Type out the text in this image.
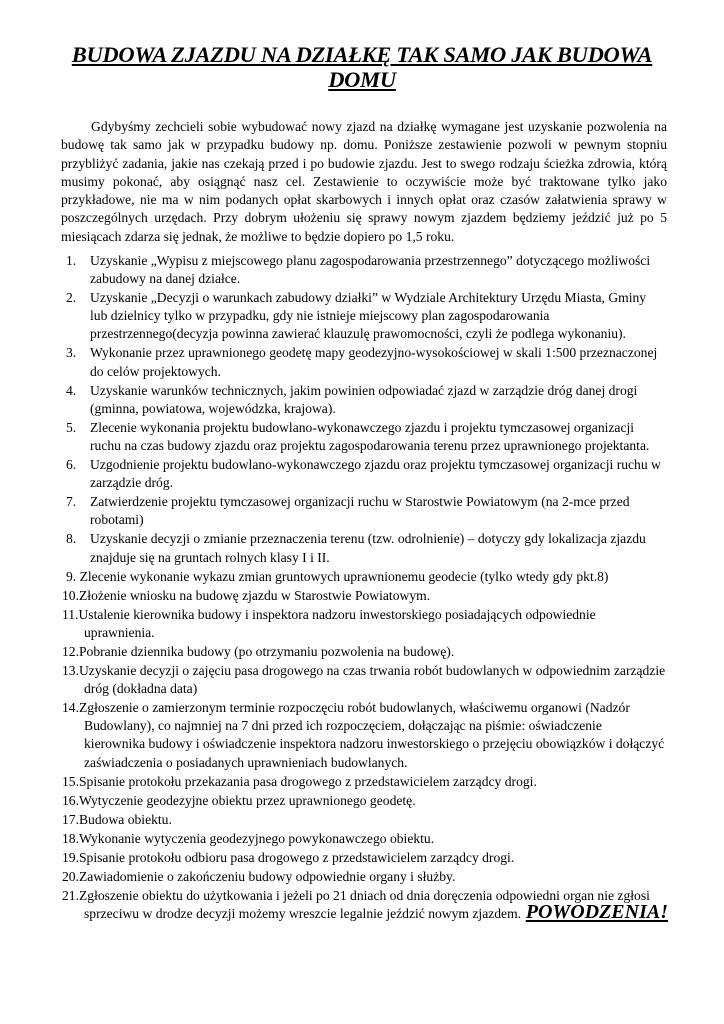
BUDOWA ZJAZDU NA DZIAŁKĘ TAK SAMO JAK BUDOWA DOMU

Gdybyśmy zechcieli sobie wybudować nowy zjazd na działkę wymagane jest uzyskanie pozwolenia na budowę tak samo jak w przypadku budowy np. domu. Poniższe zestawienie pozwoli w pewnym stopniu przybliżyć zadania, jakie nas czekają przed i po budowie zjazdu. Jest to swego rodzaju ścieżka zdrowia, którą musimy pokonać, aby osiągnąć nasz cel. Zestawienie to oczywiście może być traktowane tylko jako przykładowe, nie ma w nim podanych opłat skarbowych i innych opłat oraz czasów załatwienia sprawy w poszczególnych urzędach. Przy dobrym ułożeniu się sprawy nowym zjazdem będziemy jeździć już po 5 miesiącach zdarza się jednak, że możliwe to będzie dopiero po 1,5 roku.

1. Uzyskanie „Wypisu z miejscowego planu zagospodarowania przestrzennego” dotyczącego możliwości zabudowy na danej działce.
2. Uzyskanie „Decyzji o warunkach zabudowy działki” w Wydziale Architektury Urzędu Miasta, Gminy lub dzielnicy tylko w przypadku, gdy nie istnieje miejscowy plan zagospodarowania przestrzennego(decyzja powinna zawierać klauzulę prawomocności, czyli że podlega wykonaniu).
3. Wykonanie przez uprawnionego geodetę mapy geodezyjno-wysokościowej w skali 1:500 przeznaczonej do celów projektowych.
4. Uzyskanie warunków technicznych, jakim powinien odpowiadać zjazd w zarządzie dróg danej drogi (gminna, powiatowa, wojewódzka, krajowa).
5. Zlecenie wykonania projektu budowlano-wykonawczego zjazdu i projektu tymczasowej organizacji ruchu na czas budowy zjazdu oraz projektu zagospodarowania terenu przez uprawnionego projektanta.
6. Uzgodnienie projektu budowlano-wykonawczego zjazdu oraz projektu tymczasowej organizacji ruchu w zarządzie dróg.
7. Zatwierdzenie projektu tymczasowej organizacji ruchu w Starostwie Powiatowym (na 2-mce przed robotami)
8. Uzyskanie decyzji o zmianie przeznaczenia terenu (tzw. odrolnienie) – dotyczy gdy lokalizacja zjazdu znajduje się na gruntach rolnych klasy I i II.
9. Zlecenie wykonanie wykazu zmian gruntowych uprawnionemu geodecie (tylko wtedy gdy pkt.8)
10.Złożenie wniosku na budowę zjazdu w Starostwie Powiatowym.
11.Ustalenie kierownika budowy i inspektora nadzoru inwestorskiego posiadających odpowiednie uprawnienia.
12.Pobranie dziennika budowy (po otrzymaniu pozwolenia na budowę).
13.Uzyskanie decyzji o zajęciu pasa drogowego na czas trwania robót budowlanych w odpowiednim zarządzie dróg (dokładna data)
14.Zgłoszenie o zamierzonym terminie rozpoczęciu robót budowlanych, właściwemu organowi (Nadzór Budowlany), co najmniej na 7 dni przed ich rozpoczęciem, dołączając na piśmie: oświadczenie kierownika budowy i oświadczenie inspektora nadzoru inwestorskiego o przejęciu obowiązków i dołączyć zaświadczenia o posiadanych uprawnieniach budowlanych.
15.Spisanie protokołu przekazania pasa drogowego z przedstawicielem zarządcy drogi.
16.Wytyczenie geodezyjne obiektu przez uprawnionego geodetę.
17.Budowa obiektu.
18.Wykonanie wytyczenia geodezyjnego powykonawczego obiektu.
19.Spisanie protokołu odbioru pasa drogowego z przedstawicielem zarządcy drogi.
20.Zawiadomienie o zakończeniu budowy odpowiednie organy i służby.
21.Zgłoszenie obiektu do użytkowania i jeżeli po 21 dniach od dnia doręczenia odpowiedni organ nie zgłosi sprzeciwu w drodze decyzji możemy wreszcie legalnie jeździć nowym zjazdem. POWODZENIA!
